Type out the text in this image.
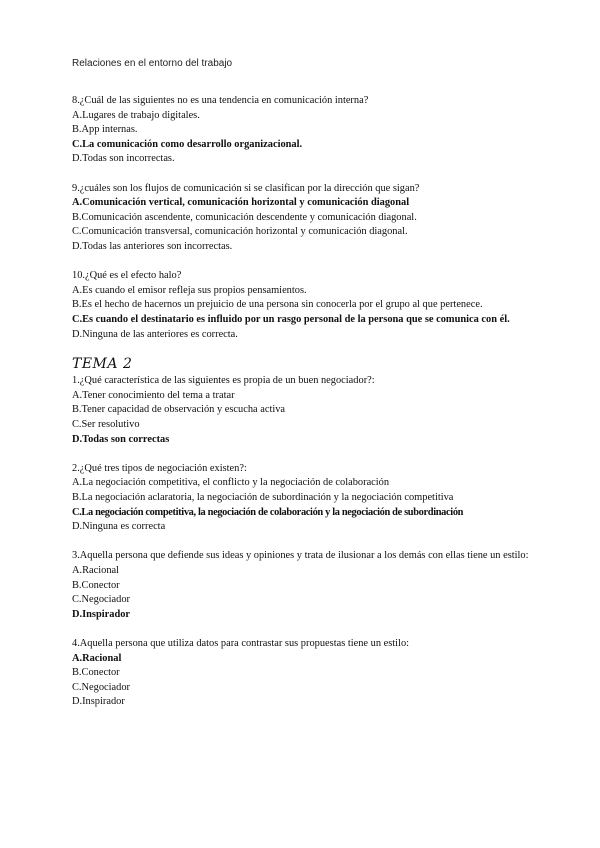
Relaciones en el entorno del trabajo
8.¿Cuál de las siguientes no es una tendencia en comunicación interna?
A.Lugares de trabajo digitales.
B.App internas.
C.La comunicación como desarrollo organizacional.
D.Todas son incorrectas.
9.¿cuáles son los flujos de comunicación si se clasifican por la dirección que sigan?
A.Comunicación vertical, comunicación horizontal y comunicación diagonal
B.Comunicación ascendente, comunicación descendente y comunicación diagonal.
C.Comunicación transversal, comunicación horizontal y comunicación diagonal.
D.Todas las anteriores son incorrectas.
10.¿Qué es el efecto halo?
A.Es cuando el emisor refleja sus propios pensamientos.
B.Es el hecho de hacernos un prejuicio de una persona sin conocerla por el grupo al que pertenece.
C.Es cuando el destinatario es influido por un rasgo personal de la persona que se comunica con él.
D.Ninguna de las anteriores es correcta.
TEMA 2
1.¿Qué característica de las siguientes es propia de un buen negociador?:
A.Tener conocimiento del tema a tratar
B.Tener capacidad de observación y escucha activa
C.Ser resolutivo
D.Todas son correctas
2.¿Qué tres tipos de negociación existen?:
A.La negociación competitiva, el conflicto y la negociación de colaboración
B.La negociación aclaratoria, la negociación de subordinación y la negociación competitiva
C.La negociación competitiva, la negociación de colaboración y la negociación de subordinación
D.Ninguna es correcta
3.Aquella persona que defiende sus ideas y opiniones y trata de ilusionar a los demás con ellas tiene un estilo:
A.Racional
B.Conector
C.Negociador
D.Inspirador
4.Aquella persona que utiliza datos para contrastar sus propuestas tiene un estilo:
A.Racional
B.Conector
C.Negociador
D.Inspirador
